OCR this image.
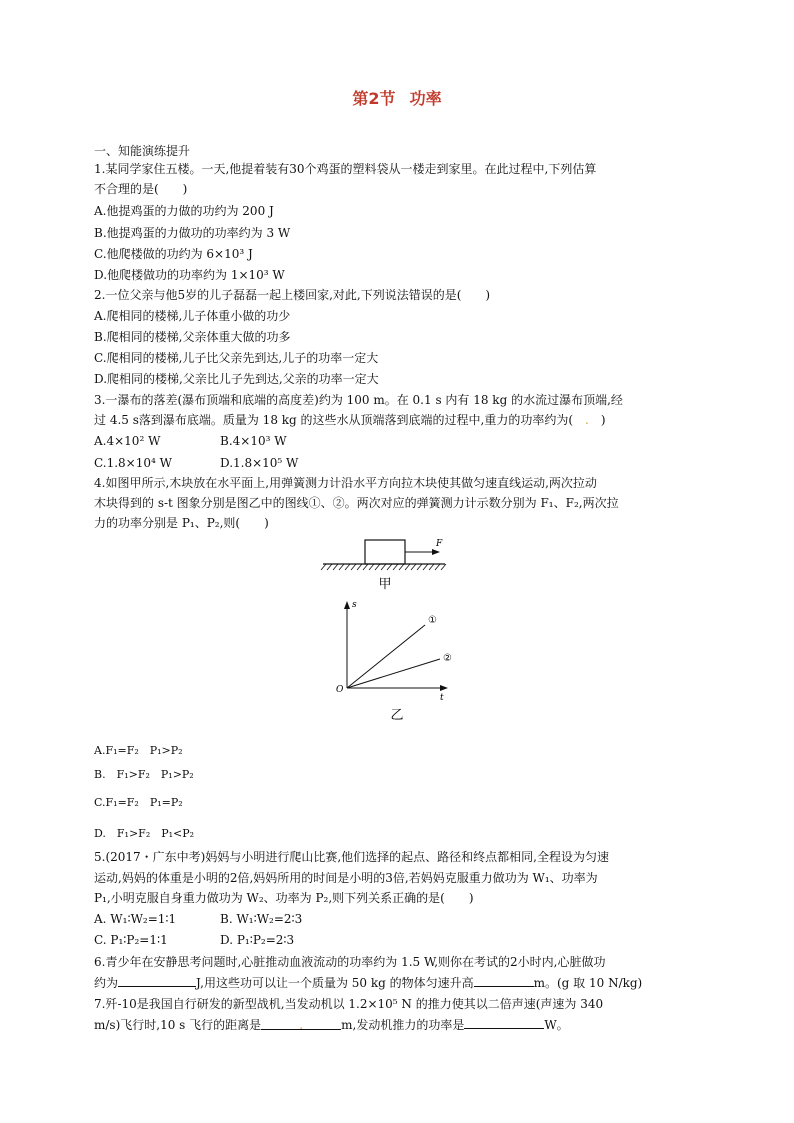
第2节 功率
一、知能演练提升
1.某同学家住五楼。一天,他提着装有30个鸡蛋的塑料袋从一楼走到家里。在此过程中,下列估算
不合理的是(　　)
A.他提鸡蛋的力做的功约为 200 J
B.他提鸡蛋的力做功的功率约为 3 W
C.他爬楼做的功约为 6×10³ J
D.他爬楼做功的功率约为 1×10³ W
2.一位父亲与他5岁的儿子磊磊一起上楼回家,对此,下列说法错误的是(　　)
A.爬相同的楼梯,儿子体重小做的功少
B.爬相同的楼梯,父亲体重大做的功多
C.爬相同的楼梯,儿子比父亲先到达,儿子的功率一定大
D.爬相同的楼梯,父亲比儿子先到达,父亲的功率一定大
3.一瀑布的落差(瀑布顶端和底端的高度差)约为 100 m。在 0.1 s 内有 18 kg 的水流过瀑布顶端,经
过 4.5 s落到瀑布底端。质量为 18 kg 的这些水从顶端落到底端的过程中,重力的功率约为(　.　)
A.4×10² W	B.4×10³ W
C.1.8×10⁴ W	D.1.8×10⁵ W
4.如图甲所示,木块放在水平面上,用弹簧测力计沿水平方向拉木块使其做匀速直线运动,两次拉动
木块得到的 s-t 图象分别是图乙中的图线①、②。两次对应的弹簧测力计示数分别为 F₁、F₂,两次拉
力的功率分别是 P₁、P₂,则(　　)
F
甲
s
t
O
①
②
乙
A.F₁=F₂　P₁>P₂
B.　F₁>F₂　P₁>P₂
C.F₁=F₂　P₁=P₂
D.　F₁>F₂　P₁<P₂
5.(2017・广东中考)妈妈与小明进行爬山比赛,他们选择的起点、路径和终点都相同,全程设为匀速
运动,妈妈的体重是小明的2倍,妈妈所用的时间是小明的3倍,若妈妈克服重力做功为 W₁、功率为
P₁,小明克服自身重力做功为 W₂、功率为 P₂,则下列关系正确的是(　　)
A. W₁∶W₂=1∶1	B. W₁∶W₂=2∶3
C. P₁∶P₂=1∶1	D. P₁∶P₂=2∶3
6.青少年在安静思考问题时,心脏推动血液流动的功率约为 1.5 W,则你在考试的2小时内,心脏做功
约为	J,用这些功可以让一个质量为 50 kg 的物体匀速升高	m。(g 取 10 N/kg)
7.歼-10是我国自行研发的新型战机,当发动机以 1.2×10⁵ N 的推力使其以二倍声速(声速为 340
m/s)飞行时,10 s 飞行的距离是	.	m,发动机推力的功率是	W。
